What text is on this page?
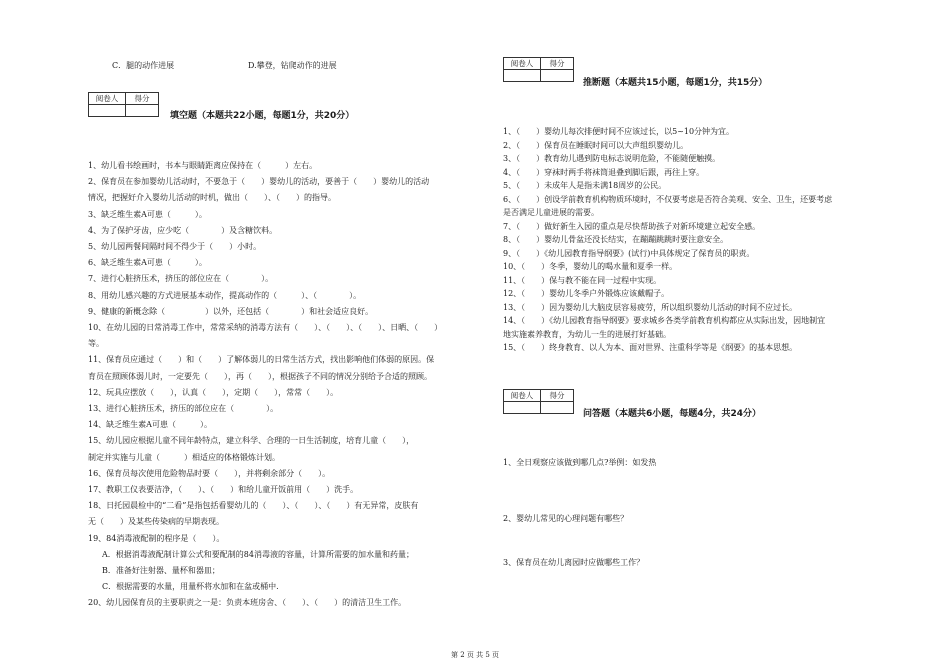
C．腿的动作进展	D.攀登，钻爬动作的进展
阅卷人	得分

填空题（本题共22小题，每题1分，共20分）
1、幼儿看书绘画时，书本与眼睛距离应保持在（　　　）左右。
2、保育员在参加婴幼儿活动时，不要急于（　　）婴幼儿的活动，要善于（　　）婴幼儿的活动
情况，把握好介入婴幼儿活动的时机，做出（　　）、（　　）的指导。
3、缺乏维生素A可患（　　　）。
4、为了保护牙齿，应少吃（　　　　）及含糖饮料。
5、幼儿园两餐间隔时间不得少于（　　）小时。
6、缺乏维生素A可患（　　　）。
7、进行心脏挤压术，挤压的部位应在（　　　　）。
8、用幼儿感兴趣的方式进展基本动作，提高动作的（　　　）、（　　　　）。
9、健康的新概念除（　　　　　）以外，还包括（　　　　）和社会适应良好。
10、在幼儿园的日常消毒工作中，常常采纳的消毒方法有（　　）、（　　）、（　　）、日晒、（　　）
等。
11、保育员应通过（　　）和（　　）了解体弱儿的日常生活方式，找出影响他们体弱的原因。保
育员在照顾体弱儿时，一定要先（　　），再（　　），根据孩子不同的情况分别给予合适的照顾。
12、玩具应摆放（　　），认真（　　），定期（　　），常常（　　）。
13、进行心脏挤压术，挤压的部位应在（　　　　）。
14、缺乏维生素A可患（　　　）。
15、幼儿园应根据儿童不同年龄特点，建立科学、合理的一日生活制度，培育儿童（　　），
制定并实施与儿童（　　　）相适应的体格锻炼计划。
16、保育员每次使用危险物品时要（　　），并将剩余部分（　　）。
17、教职工仪表要洁净，（　　）、（　　）和给儿童开饭前用（　　）洗手。
18、日托园晨检中的“二看”是指包括看婴幼儿的（　　）、（　　）、（　　）有无异常，皮肤有
无（　　）及某些传染病的早期表现。
19、84消毒液配制的程序是（　　）。
A．根据消毒液配制计算公式和要配制的84消毒液的容量，计算所需要的加水量和药量；
B．准备好注射器、量杯和器皿；
C．根据需要的水量，用量杯将水加和在盆或桶中.
20、幼儿园保育员的主要职责之一是：负责本班房舍、（　　）、（　　）的清洁卫生工作。
阅卷人	得分

推断题（本题共15小题，每题1分，共15分）
1、（　　）婴幼儿每次排便时间不应该过长，以5~10分钟为宜。
2、（　　）保育员在睡眠时间可以大声组织婴幼儿。
3、（　　）教育幼儿遇到防电标志说明危险，不能随便触摸。
4、（　　）穿袜时两手将袜筒退叠到脚后跟，再往上穿。
5、（　　）未成年人是指未满18周岁的公民。
6、（　　）创设学前教育机构物质环境时，不仅要考虑是否符合美观、安全、卫生，还要考虑
是否满足儿童进展的需要。
7、（　　）做好新生入园的重点是尽快帮助孩子对新环境建立起安全感。
8、（　　）婴幼儿骨盆还没长结实，在蹦蹦跳跳时要注意安全。
9、（　　）《幼儿园教育指导纲要》(试行)中具体规定了保育员的职责。
10、（　　）冬季，婴幼儿的喝水量和夏季一样。
11、（　　）保与教不能在同一过程中实现。
12、（　　）婴幼儿冬季户外锻炼应该戴帽子。
13、（　　）因为婴幼儿大脑皮层容易疲劳，所以组织婴幼儿活动的时间不应过长。
14、（　　）《幼儿园教育指导纲要》要求城乡各类学前教育机构都应从实际出发，因地制宜
地实施素养教育，为幼儿一生的进展打好基础。
15、（　　）终身教育、以人为本、面对世界、注重科学等是《纲要》的基本思想。
阅卷人	得分

问答题（本题共6小题，每题4分，共24分）
1、全日观察应该做到哪几点?举例：如发热
2、婴幼儿常见的心理问题有哪些？
3、保育员在幼儿离园时应做哪些工作？
第 2 页 共 5 页
